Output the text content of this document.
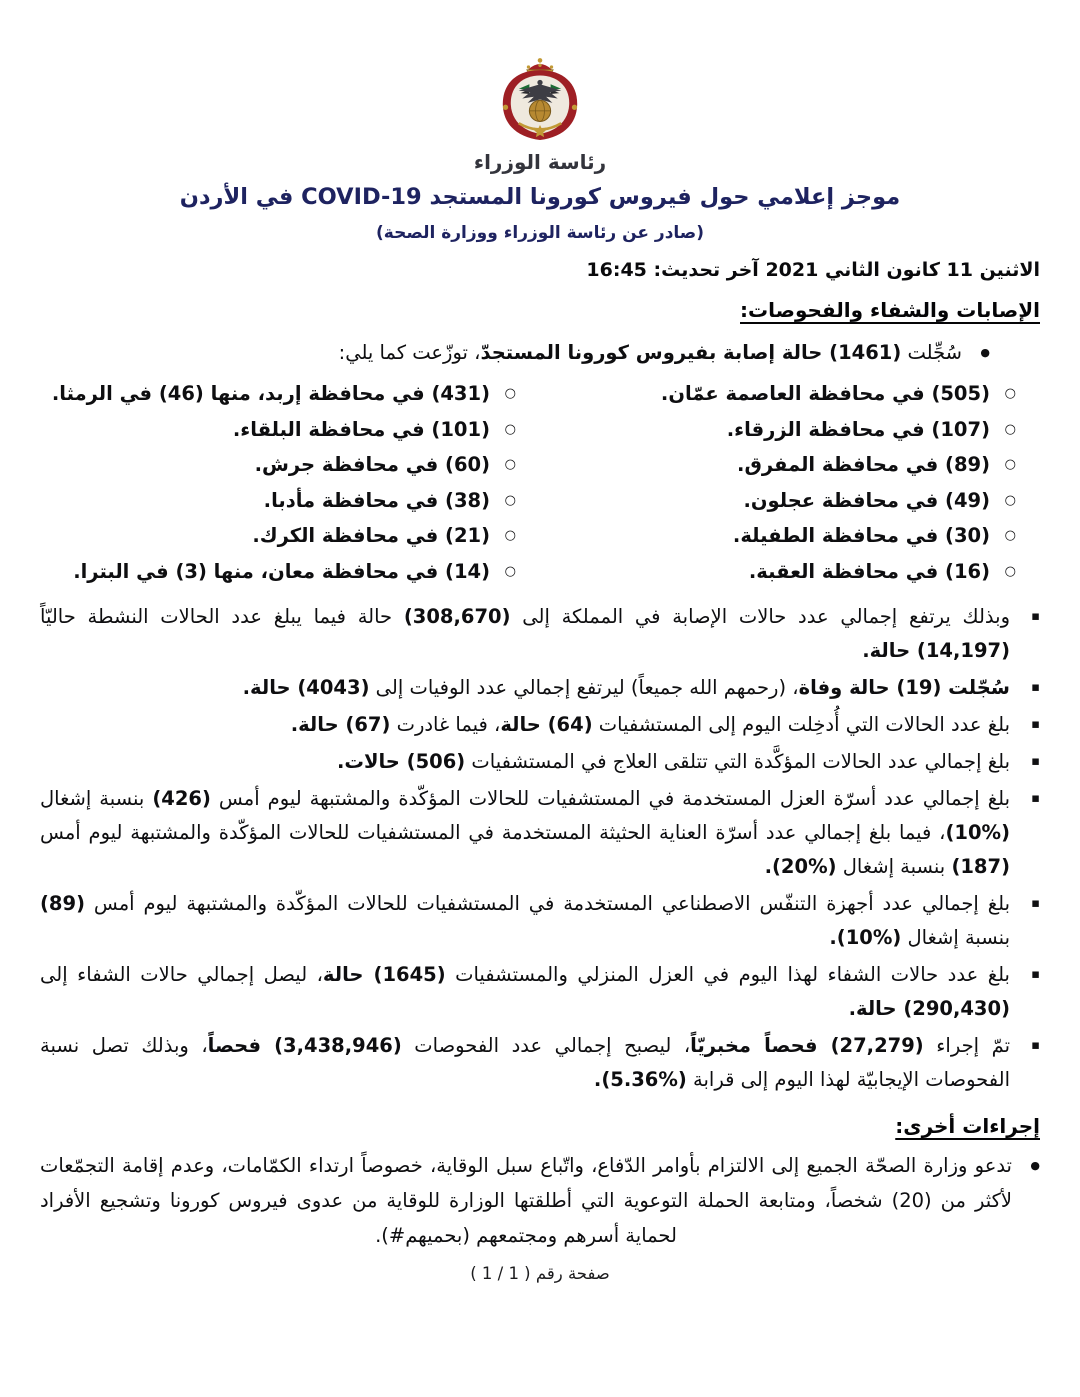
رئاسة الوزراء
موجز إعلامي حول فيروس كورونا المستجد COVID-19 في الأردن
(صادر عن رئاسة الوزراء ووزارة الصحة)
الاثنين 11 كانون الثاني 2021 آخر تحديث: 16:45
الإصابات والشفاء والفحوصات:
●
سُجِّلت (1461) حالة إصابة بفيروس كورونا المستجدّ، توزّعت كما يلي:
○
(505) في محافظة العاصمة عمّان.
○
(107) في محافظة الزرقاء.
○
(89) في محافظة المفرق.
○
(49) في محافظة عجلون.
○
(30) في محافظة الطفيلة.
○
(16) في محافظة العقبة.
○
(431) في محافظة إربد، منها (46) في الرمثا.
○
(101) في محافظة البلقاء.
○
(60) في محافظة جرش.
○
(38) في محافظة مأدبا.
○
(21) في محافظة الكرك.
○
(14) في محافظة معان، منها (3) في البترا.
▪
وبذلك يرتفع إجمالي عدد حالات الإصابة في المملكة إلى (308,670) حالة فيما يبلغ عدد الحالات النشطة حاليّاً (14,197) حالة.
▪
سُجّلت (19) حالة وفاة، (رحمهم الله جميعاً) ليرتفع إجمالي عدد الوفيات إلى (4043) حالة.
▪
بلغ عدد الحالات التي أُدخِلت اليوم إلى المستشفيات (64) حالة، فيما غادرت (67) حالة.
▪
بلغ إجمالي عدد الحالات المؤكَّدة التي تتلقى العلاج في المستشفيات (506) حالات.
▪
بلغ إجمالي عدد أسرّة العزل المستخدمة في المستشفيات للحالات المؤكّدة والمشتبهة ليوم أمس (426) بنسبة إشغال (%10)، فيما بلغ إجمالي عدد أسرّة العناية الحثيثة المستخدمة في المستشفيات للحالات المؤكّدة والمشتبهة ليوم أمس (187) بنسبة إشغال (%20).
▪
بلغ إجمالي عدد أجهزة التنفّس الاصطناعي المستخدمة في المستشفيات للحالات المؤكّدة والمشتبهة ليوم أمس (89) بنسبة إشغال (%10).
▪
بلغ عدد حالات الشفاء لهذا اليوم في العزل المنزلي والمستشفيات (1645) حالة، ليصل إجمالي حالات الشفاء إلى (290,430) حالة.
▪
تمّ إجراء (27,279) فحصاً مخبريّاً، ليصبح إجمالي عدد الفحوصات (3,438,946) فحصاً، وبذلك تصل نسبة الفحوصات الإيجابيّة لهذا اليوم إلى قرابة (%5.36).
إجراءات أخرى:
●
تدعو وزارة الصحّة الجميع إلى الالتزام بأوامر الدّفاع، واتّباع سبل الوقاية، خصوصاً ارتداء الكمّامات، وعدم إقامة التجمّعات لأكثر من (20) شخصاً، ومتابعة الحملة التوعوية التي أطلقتها الوزارة للوقاية من عدوى فيروس كورونا وتشجيع الأفراد لحماية أسرهم ومجتمعهم (بحميهم#).
صفحة رقم ( 1 / 1 )
